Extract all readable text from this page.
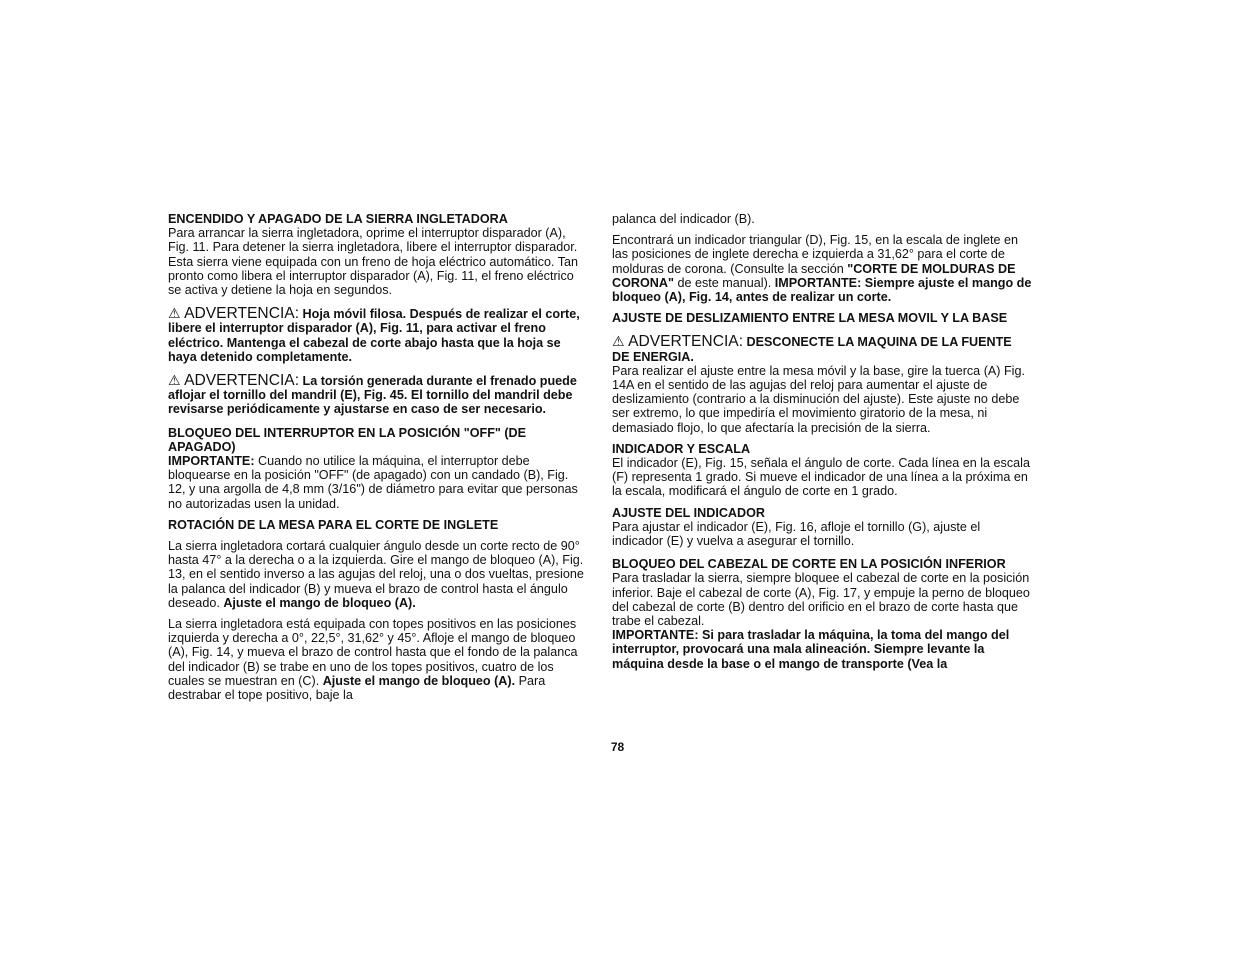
ENCENDIDO Y APAGADO DE LA SIERRA INGLETADORA

Para arrancar la sierra ingletadora, oprime el interruptor disparador (A), Fig. 11. Para detener la sierra ingletadora, libere el interruptor disparador.

Esta sierra viene equipada con un freno de hoja eléctrico automático. Tan pronto como libera el interruptor disparador (A), Fig. 11, el freno eléctrico se activa y detiene la hoja en segundos.

⚠ ADVERTENCIA: Hoja móvil filosa. Después de realizar el corte, libere el interruptor disparador (A), Fig. 11, para activar el freno eléctrico. Mantenga el cabezal de corte abajo hasta que la hoja se haya detenido completamente.

⚠ ADVERTENCIA: La torsión generada durante el frenado puede aflojar el tornillo del mandril (E), Fig. 45. El tornillo del mandril debe revisarse periódicamente y ajustarse en caso de ser necesario.

BLOQUEO DEL INTERRUPTOR EN LA POSICIÓN "OFF" (DE APAGADO)

IMPORTANTE: Cuando no utilice la máquina, el interruptor debe bloquearse en la posición "OFF" (de apagado) con un candado (B), Fig. 12, y una argolla de 4,8 mm (3/16") de diámetro para evitar que personas no autorizadas usen la unidad.

ROTACIÓN DE LA MESA PARA EL CORTE DE INGLETE

La sierra ingletadora cortará cualquier ángulo desde un corte recto de 90° hasta 47° a la derecha o a la izquierda. Gire el mango de bloqueo (A), Fig. 13, en el sentido inverso a las agujas del reloj, una o dos vueltas, presione la palanca del indicador (B) y mueva el brazo de control hasta el ángulo deseado. Ajuste el mango de bloqueo (A).

La sierra ingletadora está equipada con topes positivos en las posiciones izquierda y derecha a 0°, 22,5°, 31,62° y 45°. Afloje el mango de bloqueo (A), Fig. 14, y mueva el brazo de control hasta que el fondo de la palanca del indicador (B) se trabe en uno de los topes positivos, cuatro de los cuales se muestran en (C). Ajuste el mango de bloqueo (A). Para destrabar el tope positivo, baje la

palanca del indicador (B).

Encontrará un indicador triangular (D), Fig. 15, en la escala de inglete en las posiciones de inglete derecha e izquierda a 31,62° para el corte de molduras de corona. (Consulte la sección "CORTE DE MOLDURAS DE CORONA" de este manual). IMPORTANTE: Siempre ajuste el mango de bloqueo (A), Fig. 14, antes de realizar un corte.

AJUSTE DE DESLIZAMIENTO ENTRE LA MESA MOVIL Y LA BASE

⚠ ADVERTENCIA: DESCONECTE LA MAQUINA DE LA FUENTE DE ENERGIA.

Para realizar el ajuste entre la mesa móvil y la base, gire la tuerca (A) Fig. 14A en el sentido de las agujas del reloj para aumentar el ajuste de deslizamiento (contrario a la disminución del ajuste). Este ajuste no debe ser extremo, lo que impediría el movimiento giratorio de la mesa, ni demasiado flojo, lo que afectaría la precisión de la sierra.

INDICADOR Y ESCALA

El indicador (E), Fig. 15, señala el ángulo de corte. Cada línea en la escala (F) representa 1 grado. Si mueve el indicador de una línea a la próxima en la escala, modificará el ángulo de corte en 1 grado.

AJUSTE DEL INDICADOR

Para ajustar el indicador (E), Fig. 16, afloje el tornillo (G), ajuste el indicador (E) y vuelva a asegurar el tornillo.

BLOQUEO DEL CABEZAL DE CORTE EN LA POSICIÓN INFERIOR

Para trasladar la sierra, siempre bloquee el cabezal de corte en la posición inferior. Baje el cabezal de corte (A), Fig. 17, y empuje la perno de bloqueo del cabezal de corte (B) dentro del orificio en el brazo de corte hasta que trabe el cabezal.

IMPORTANTE: Si para trasladar la máquina, la toma del mango del interruptor, provocará una mala alineación. Siempre levante la máquina desde la base o el mango de transporte (Vea la

78
